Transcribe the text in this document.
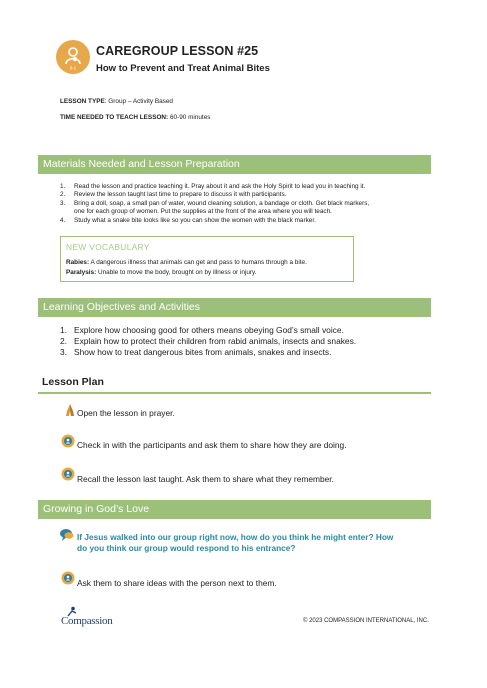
0-1
CAREGROUP LESSON #25
How to Prevent and Treat Animal Bites
LESSON TYPE: Group – Activity Based
TIME NEEDED TO TEACH LESSON: 60-90 minutes
Materials Needed and Lesson Preparation
1. Read the lesson and practice teaching it. Pray about it and ask the Holy Spirit to lead you in teaching it.
2. Review the lesson taught last time to prepare to discuss it with participants.
3. Bring a doll, soap, a small pan of water, wound cleaning solution, a bandage or cloth. Get black markers,
one for each group of women. Put the supplies at the front of the area where you will teach.
4. Study what a snake bite looks like so you can show the women with the black marker.
NEW VOCABULARY
Rabies: A dangerous illness that animals can get and pass to humans through a bite.
Paralysis: Unable to move the body, brought on by illness or injury.
Learning Objectives and Activities
1. Explore how choosing good for others means obeying God’s small voice.
2. Explain how to protect their children from rabid animals, insects and snakes.
3. Show how to treat dangerous bites from animals, snakes and insects.
Lesson Plan
Open the lesson in prayer.
Check in with the participants and ask them to share how they are doing.
Recall the lesson last taught. Ask them to share what they remember.
Growing in God’s Love
If Jesus walked into our group right now, how do you think he might enter? How
do you think our group would respond to his entrance?
Ask them to share ideas with the person next to them.
Compassion	© 2023 COMPASSION INTERNATIONAL, INC.
